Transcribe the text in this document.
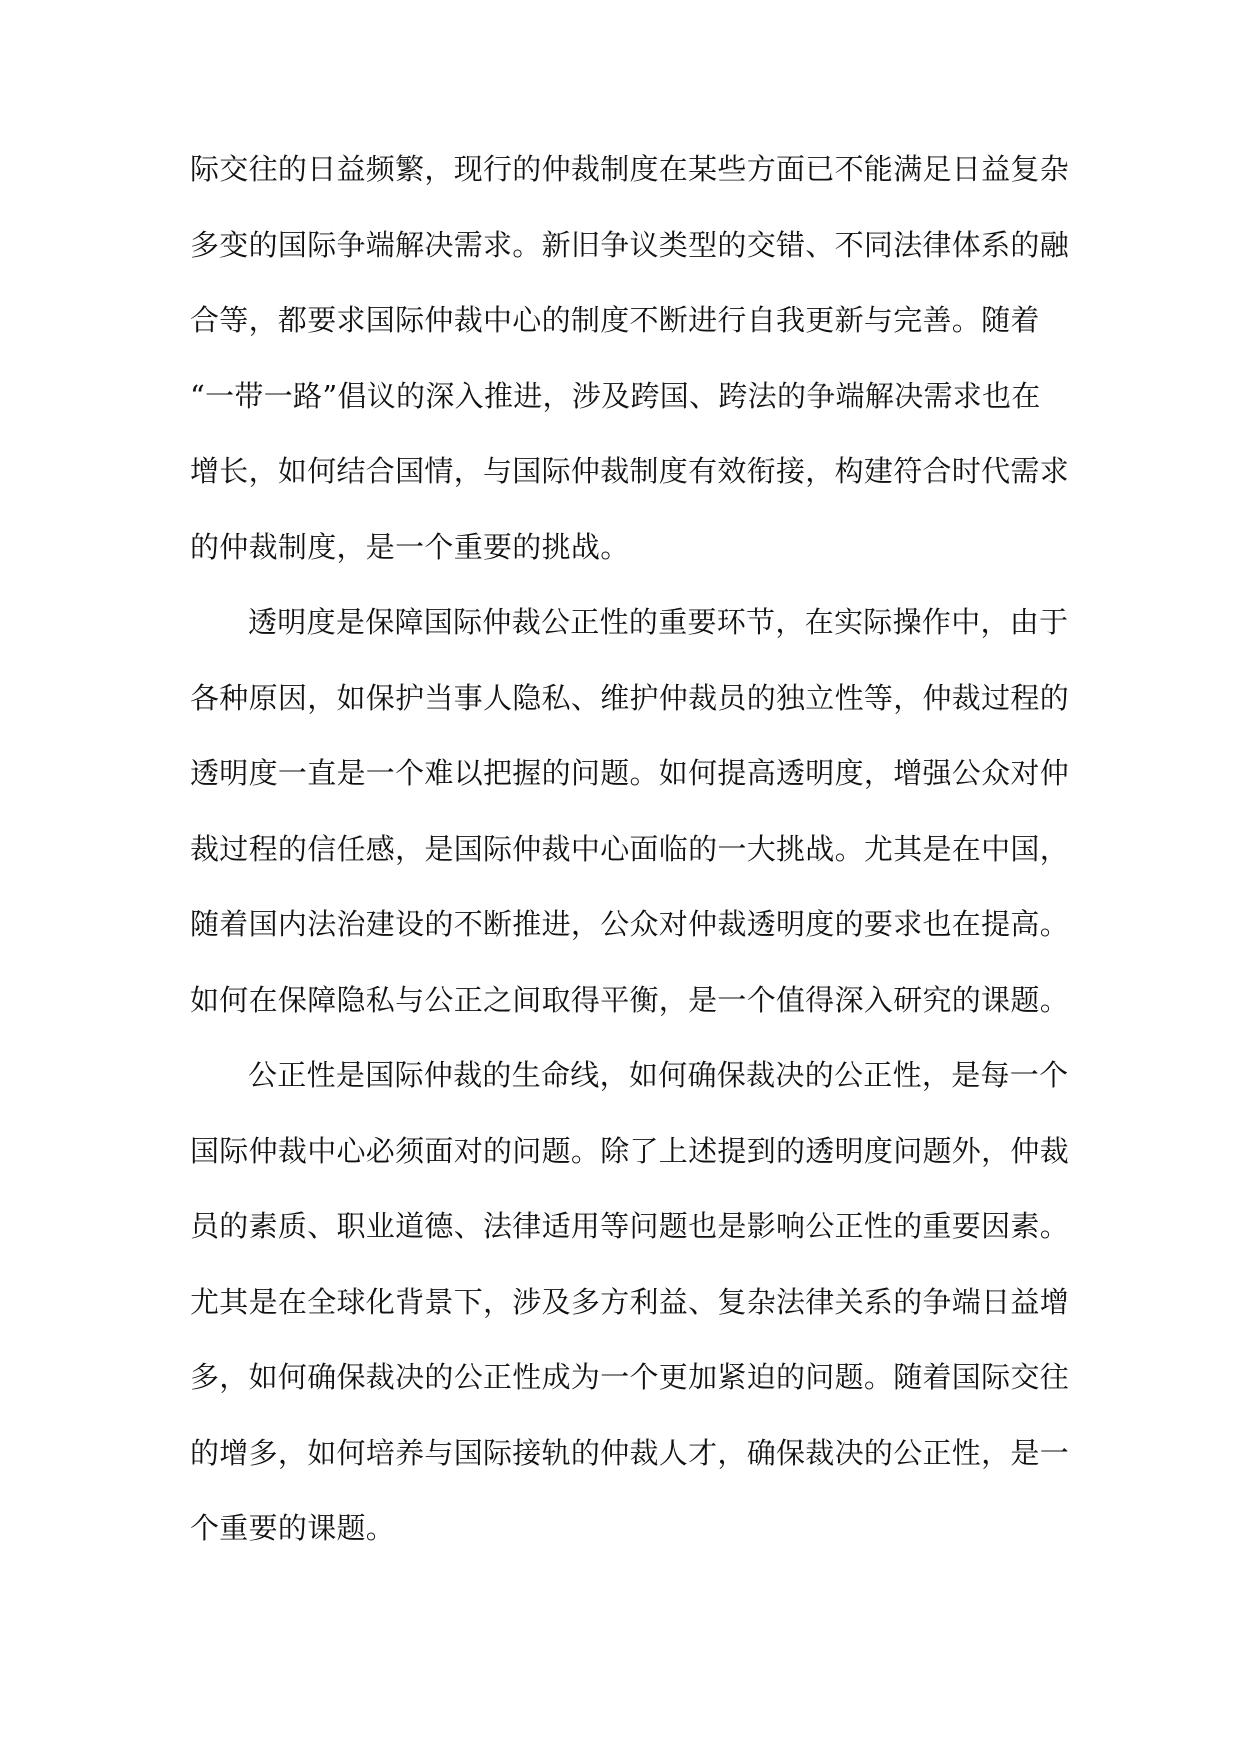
际交往的日益频繁，现行的仲裁制度在某些方面已不能满足日益复杂
多变的国际争端解决需求。新旧争议类型的交错、不同法律体系的融
合等，都要求国际仲裁中心的制度不断进行自我更新与完善。随着
“一带一路”倡议的深入推进，涉及跨国、跨法的争端解决需求也在
增长，如何结合国情，与国际仲裁制度有效衔接，构建符合时代需求
的仲裁制度，是一个重要的挑战。
透明度是保障国际仲裁公正性的重要环节，在实际操作中，由于
各种原因，如保护当事人隐私、维护仲裁员的独立性等，仲裁过程的
透明度一直是一个难以把握的问题。如何提高透明度，增强公众对仲
裁过程的信任感，是国际仲裁中心面临的一大挑战。尤其是在中国，
随着国内法治建设的不断推进，公众对仲裁透明度的要求也在提高。
如何在保障隐私与公正之间取得平衡，是一个值得深入研究的课题。
公正性是国际仲裁的生命线，如何确保裁决的公正性，是每一个
国际仲裁中心必须面对的问题。除了上述提到的透明度问题外，仲裁
员的素质、职业道德、法律适用等问题也是影响公正性的重要因素。
尤其是在全球化背景下，涉及多方利益、复杂法律关系的争端日益增
多，如何确保裁决的公正性成为一个更加紧迫的问题。随着国际交往
的增多，如何培养与国际接轨的仲裁人才，确保裁决的公正性，是一
个重要的课题。
